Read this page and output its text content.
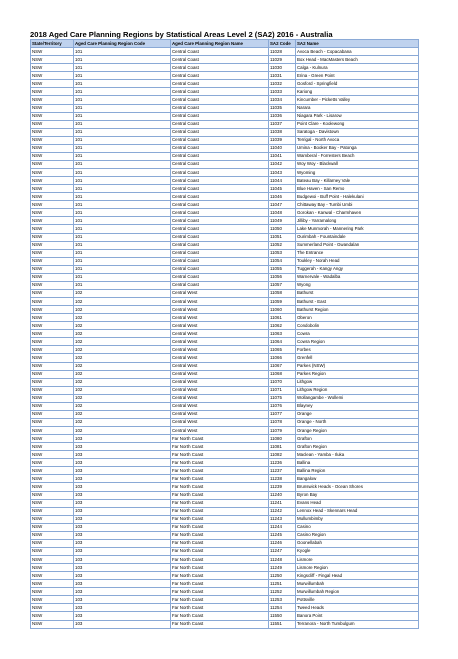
2018 Aged Care Planning Regions by Statistical Areas Level 2 (SA2) 2016 - Australia
State/Territory	Aged Care Planning Region Code	Aged Care Planning Region Name	SA2 Code	SA2 Name
NSW	101	Central Coast	11028	Avoca Beach - Copacabana
NSW	101	Central Coast	11029	Box Head - MacMasters Beach
NSW	101	Central Coast	11030	Calga - Kulnura
NSW	101	Central Coast	11031	Erina - Green Point
NSW	101	Central Coast	11032	Gosford - Springfield
NSW	101	Central Coast	11033	Kariong
NSW	101	Central Coast	11034	Kincumber - Picketts Valley
NSW	101	Central Coast	11035	Narara
NSW	101	Central Coast	11036	Niagara Park - Lisarow
NSW	101	Central Coast	11037	Point Clare - Koolewong
NSW	101	Central Coast	11038	Saratoga - Davistown
NSW	101	Central Coast	11039	Terrigal - North Avoca
NSW	101	Central Coast	11040	Umina - Booker Bay - Patonga
NSW	101	Central Coast	11041	Wamberal - Forresters Beach
NSW	101	Central Coast	11042	Woy Woy - Blackwall
NSW	101	Central Coast	11043	Wyoming
NSW	101	Central Coast	11044	Bateau Bay - Killarney Vale
NSW	101	Central Coast	11045	Blue Haven - San Remo
NSW	101	Central Coast	11046	Budgewoi - Buff Point - Halekulani
NSW	101	Central Coast	11047	Chittaway Bay - Tumbi Umbi
NSW	101	Central Coast	11048	Gorokan - Kanwal - Charmhaven
NSW	101	Central Coast	11049	Jilliby - Yarramalong
NSW	101	Central Coast	11050	Lake Munmorah - Mannering Park
NSW	101	Central Coast	11051	Ourimbah - Fountaindale
NSW	101	Central Coast	11052	Summerland Point - Gwandalan
NSW	101	Central Coast	11053	The Entrance
NSW	101	Central Coast	11054	Toukley - Norah Head
NSW	101	Central Coast	11055	Tuggerah - Kangy Angy
NSW	101	Central Coast	11056	Warnervale - Wadalba
NSW	101	Central Coast	11057	Wyong
NSW	102	Central West	11058	Bathurst
NSW	102	Central West	11059	Bathurst - East
NSW	102	Central West	11060	Bathurst Region
NSW	102	Central West	11061	Oberon
NSW	102	Central West	11062	Condobolin
NSW	102	Central West	11063	Cowra
NSW	102	Central West	11064	Cowra Region
NSW	102	Central West	11065	Forbes
NSW	102	Central West	11066	Grenfell
NSW	102	Central West	11067	Parkes (NSW)
NSW	102	Central West	11068	Parkes Region
NSW	102	Central West	11070	Lithgow
NSW	102	Central West	11071	Lithgow Region
NSW	102	Central West	11075	Wollangambe - Wollemi
NSW	102	Central West	11076	Blayney
NSW	102	Central West	11077	Orange
NSW	102	Central West	11078	Orange - North
NSW	102	Central West	11079	Orange Region
NSW	103	Far North Coast	11080	Grafton
NSW	103	Far North Coast	11081	Grafton Region
NSW	103	Far North Coast	11082	Maclean - Yamba - Iluka
NSW	103	Far North Coast	11236	Ballina
NSW	103	Far North Coast	11237	Ballina Region
NSW	103	Far North Coast	11238	Bangalow
NSW	103	Far North Coast	11239	Brunswick Heads - Ocean Shores
NSW	103	Far North Coast	11240	Byron Bay
NSW	103	Far North Coast	11241	Evans Head
NSW	103	Far North Coast	11242	Lennox Head - Skennars Head
NSW	103	Far North Coast	11243	Mullumbimby
NSW	103	Far North Coast	11244	Casino
NSW	103	Far North Coast	11245	Casino Region
NSW	103	Far North Coast	11246	Goonellabah
NSW	103	Far North Coast	11247	Kyogle
NSW	103	Far North Coast	11248	Lismore
NSW	103	Far North Coast	11249	Lismore Region
NSW	103	Far North Coast	11250	Kingscliff - Fingal Head
NSW	103	Far North Coast	11251	Murwillumbah
NSW	103	Far North Coast	11252	Murwillumbah Region
NSW	103	Far North Coast	11253	Pottsville
NSW	103	Far North Coast	11254	Tweed Heads
NSW	103	Far North Coast	11550	Banora Point
NSW	103	Far North Coast	11551	Terranora - North Tumbulgum
